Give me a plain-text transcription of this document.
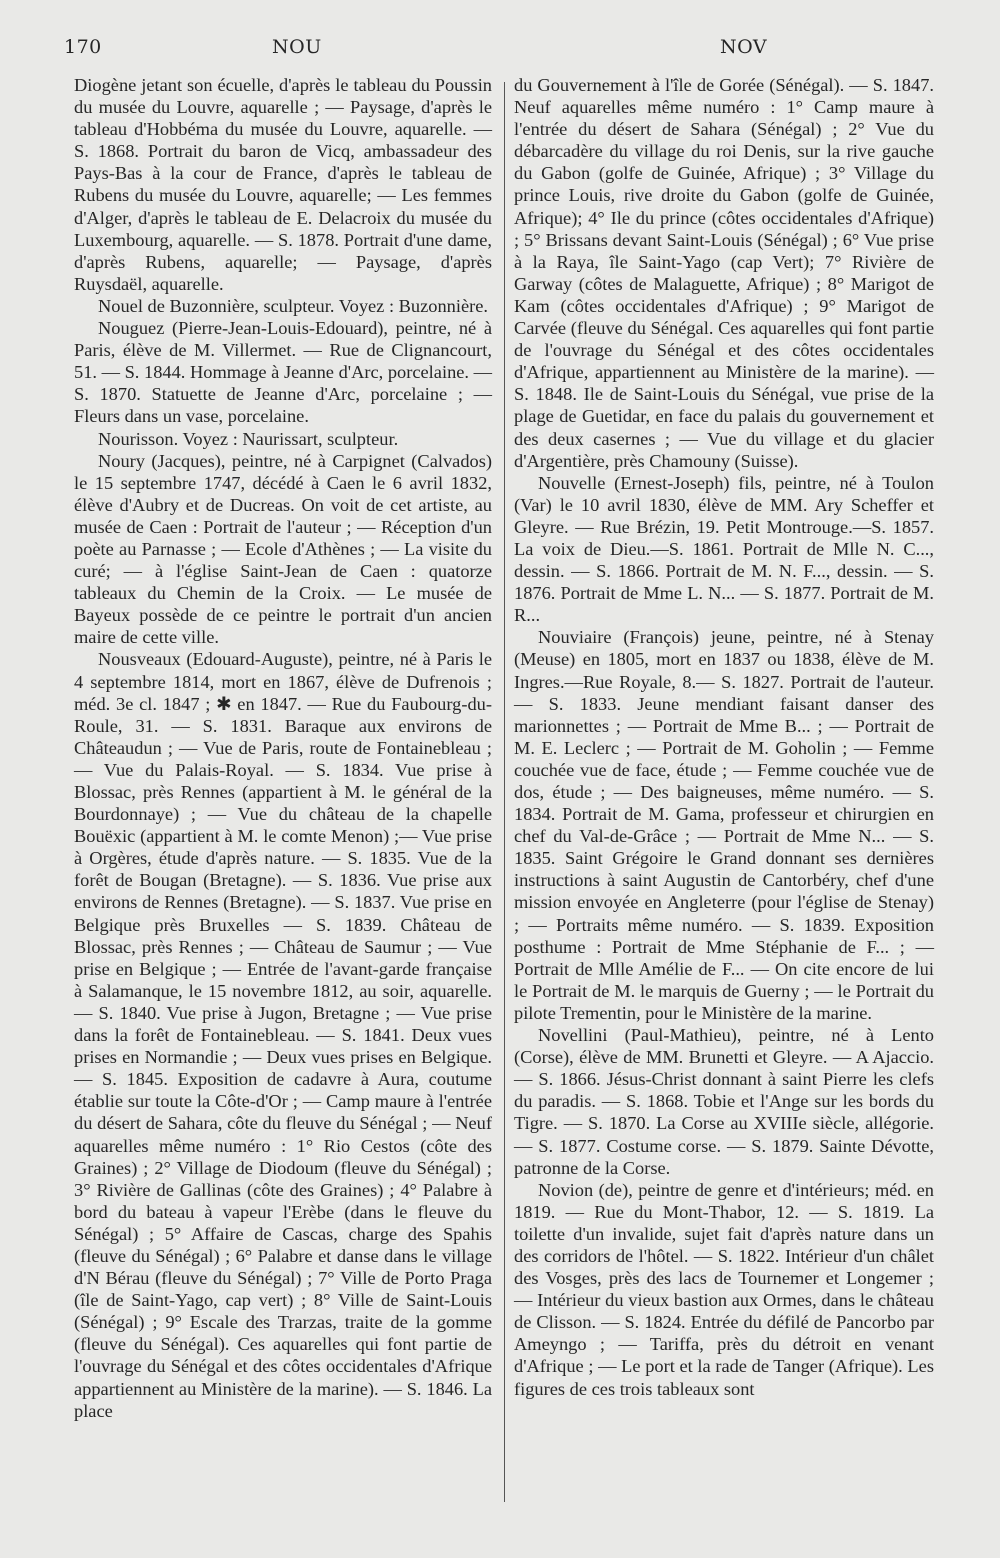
170	NOU	NOV

Diogène jetant son écuelle, d'après le tableau du Poussin du musée du Louvre, aquarelle ; — Paysage, d'après le tableau d'Hobbéma du musée du Louvre, aquarelle. — S. 1868. Portrait du baron de Vicq, ambassadeur des Pays-Bas à la cour de France, d'après le tableau de Rubens du musée du Louvre, aquarelle; — Les femmes d'Alger, d'après le tableau de E. Delacroix du musée du Luxembourg, aquarelle. — S. 1878. Portrait d'une dame, d'après Rubens, aquarelle; — Paysage, d'après Ruysdaël, aquarelle.

Nouel de Buzonnière, sculpteur. Voyez : Buzonnière.

Nouguez (Pierre-Jean-Louis-Edouard), peintre, né à Paris, élève de M. Villermet. — Rue de Clignancourt, 51. — S. 1844. Hommage à Jeanne d'Arc, porcelaine. — S. 1870. Statuette de Jeanne d'Arc, porcelaine ; — Fleurs dans un vase, porcelaine.

Nourisson. Voyez : Naurissart, sculpteur.

Noury (Jacques), peintre, né à Carpignet (Calvados) le 15 septembre 1747, décédé à Caen le 6 avril 1832, élève d'Aubry et de Ducreas. On voit de cet artiste, au musée de Caen : Portrait de l'auteur ; — Réception d'un poète au Parnasse ; — Ecole d'Athènes ; — La visite du curé; — à l'église Saint-Jean de Caen : quatorze tableaux du Chemin de la Croix. — Le musée de Bayeux possède de ce peintre le portrait d'un ancien maire de cette ville.

Nousveaux (Edouard-Auguste), peintre, né à Paris le 4 septembre 1814, mort en 1867, élève de Dufrenois ; méd. 3e cl. 1847 ; ✱ en 1847. — Rue du Faubourg-du-Roule, 31. — S. 1831. Baraque aux environs de Châteaudun ; — Vue de Paris, route de Fontainebleau ;— Vue du Palais-Royal. — S. 1834. Vue prise à Blossac, près Rennes (appartient à M. le général de la Bourdonnaye) ; — Vue du château de la chapelle Bouëxic (appartient à M. le comte Menon) ;— Vue prise à Orgères, étude d'après nature. — S. 1835. Vue de la forêt de Bougan (Bretagne). — S. 1836. Vue prise aux environs de Rennes (Bretagne). — S. 1837. Vue prise en Belgique près Bruxelles — S. 1839. Château de Blossac, près Rennes ; — Château de Saumur ; — Vue prise en Belgique ; — Entrée de l'avant-garde française à Salamanque, le 15 novembre 1812, au soir, aquarelle. — S. 1840. Vue prise à Jugon, Bretagne ; — Vue prise dans la forêt de Fontainebleau. — S. 1841. Deux vues prises en Normandie ; — Deux vues prises en Belgique. — S. 1845. Exposition de cadavre à Aura, coutume établie sur toute la Côte-d'Or ; — Camp maure à l'entrée du désert de Sahara, côte du fleuve du Sénégal ; — Neuf aquarelles même numéro : 1° Rio Cestos (côte des Graines) ; 2° Village de Diodoum (fleuve du Sénégal) ; 3° Rivière de Gallinas (côte des Graines) ; 4° Palabre à bord du bateau à vapeur l'Erèbe (dans le fleuve du Sénégal) ; 5° Affaire de Cascas, charge des Spahis (fleuve du Sénégal) ; 6° Palabre et danse dans le village d'N Bérau (fleuve du Sénégal) ; 7° Ville de Porto Praga (île de Saint-Yago, cap vert) ; 8° Ville de Saint-Louis (Sénégal) ; 9° Escale des Trarzas, traite de la gomme (fleuve du Sénégal). Ces aquarelles qui font partie de l'ouvrage du Sénégal et des côtes occidentales d'Afrique appartiennent au Ministère de la marine). — S. 1846. La place

du Gouvernement à l'île de Gorée (Sénégal). — S. 1847. Neuf aquarelles même numéro : 1° Camp maure à l'entrée du désert de Sahara (Sénégal) ; 2° Vue du débarcadère du village du roi Denis, sur la rive gauche du Gabon (golfe de Guinée, Afrique) ; 3° Village du prince Louis, rive droite du Gabon (golfe de Guinée, Afrique); 4° Ile du prince (côtes occidentales d'Afrique) ; 5° Brissans devant Saint-Louis (Sénégal) ; 6° Vue prise à la Raya, île Saint-Yago (cap Vert); 7° Rivière de Garway (côtes de Malaguette, Afrique) ; 8° Marigot de Kam (côtes occidentales d'Afrique) ; 9° Marigot de Carvée (fleuve du Sénégal. Ces aquarelles qui font partie de l'ouvrage du Sénégal et des côtes occidentales d'Afrique, appartiennent au Ministère de la marine). — S. 1848. Ile de Saint-Louis du Sénégal, vue prise de la plage de Guetidar, en face du palais du gouvernement et des deux casernes ; — Vue du village et du glacier d'Argentière, près Chamouny (Suisse).

Nouvelle (Ernest-Joseph) fils, peintre, né à Toulon (Var) le 10 avril 1830, élève de MM. Ary Scheffer et Gleyre. — Rue Brézin, 19. Petit Montrouge.—S. 1857. La voix de Dieu.—S. 1861. Portrait de Mlle N. C..., dessin. — S. 1866. Portrait de M. N. F..., dessin. — S. 1876. Portrait de Mme L. N... — S. 1877. Portrait de M. R...

Nouviaire (François) jeune, peintre, né à Stenay (Meuse) en 1805, mort en 1837 ou 1838, élève de M. Ingres.—Rue Royale, 8.— S. 1827. Portrait de l'auteur. — S. 1833. Jeune mendiant faisant danser des marionnettes ; — Portrait de Mme B... ; — Portrait de M. E. Leclerc ; — Portrait de M. Goholin ; — Femme couchée vue de face, étude ; — Femme couchée vue de dos, étude ; — Des baigneuses, même numéro. — S. 1834. Portrait de M. Gama, professeur et chirurgien en chef du Val-de-Grâce ; — Portrait de Mme N... — S. 1835. Saint Grégoire le Grand donnant ses dernières instructions à saint Augustin de Cantorbéry, chef d'une mission envoyée en Angleterre (pour l'église de Stenay) ; — Portraits même numéro. — S. 1839. Exposition posthume : Portrait de Mme Stéphanie de F... ; — Portrait de Mlle Amélie de F... — On cite encore de lui le Portrait de M. le marquis de Guerny ; — le Portrait du pilote Trementin, pour le Ministère de la marine.

Novellini (Paul-Mathieu), peintre, né à Lento (Corse), élève de MM. Brunetti et Gleyre. — A Ajaccio. — S. 1866. Jésus-Christ donnant à saint Pierre les clefs du paradis. — S. 1868. Tobie et l'Ange sur les bords du Tigre. — S. 1870. La Corse au XVIIIe siècle, allégorie. — S. 1877. Costume corse. — S. 1879. Sainte Dévotte, patronne de la Corse.

Novion (de), peintre de genre et d'intérieurs; méd. en 1819. — Rue du Mont-Thabor, 12. — S. 1819. La toilette d'un invalide, sujet fait d'après nature dans un des corridors de l'hôtel. — S. 1822. Intérieur d'un châlet des Vosges, près des lacs de Tournemer et Longemer ; — Intérieur du vieux bastion aux Ormes, dans le château de Clisson. — S. 1824. Entrée du défilé de Pancorbo par Ameyngo ; — Tariffa, près du détroit en venant d'Afrique ; — Le port et la rade de Tanger (Afrique). Les figures de ces trois tableaux sont
